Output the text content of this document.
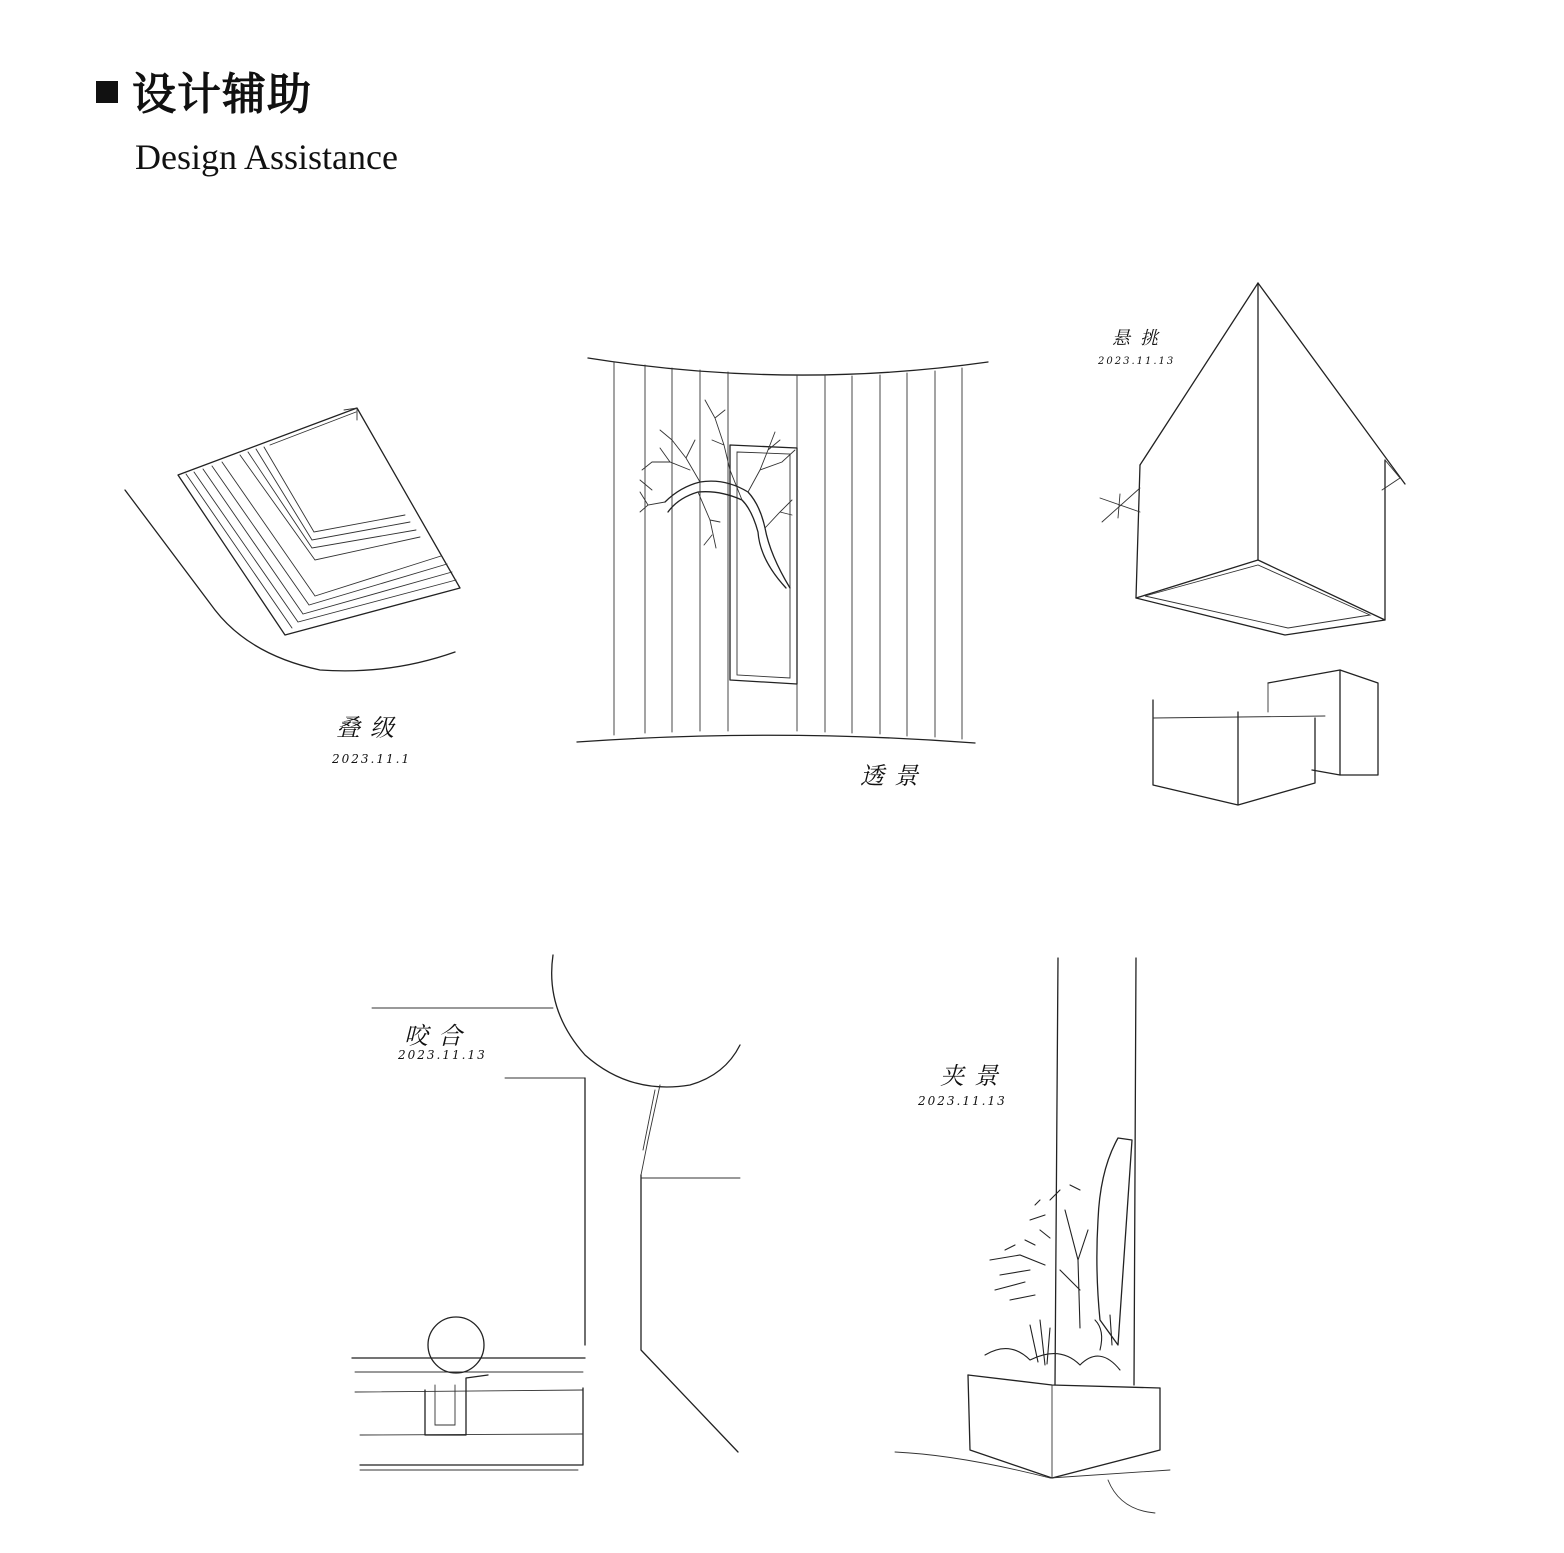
设计辅助
Design Assistance
叠级
2023.11.1
透景
悬挑
2023.11.13
咬合
2023.11.13
夹景
2023.11.13
